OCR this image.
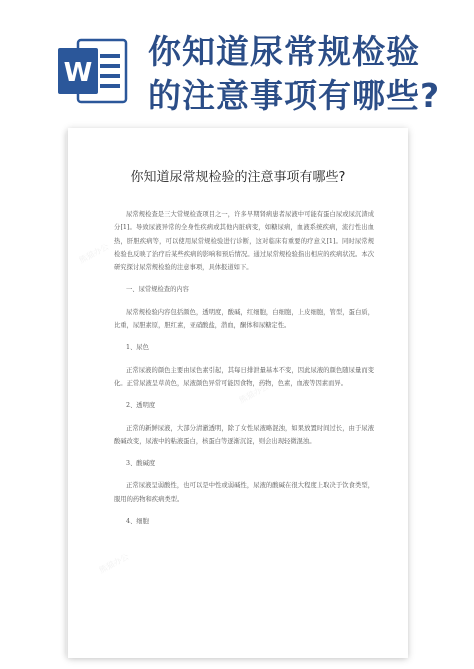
W
你知道尿常规检验
的注意事项有哪些?
熊猫办公
熊猫办公
熊猫办公
你知道尿常规检验的注意事项有哪些?

尿常规检查是三大常规检查项目之一，许多早期肾病患者尿液中可能有蛋白尿或尿沉渣成分[1]。导致尿液异常的全身性疾病或其他内脏病变，如糖尿病，血液系统疾病，流行性出血热，肝胆疾病等，可以使用尿常规检验进行诊断，这对临床有重要的疗意义[1]。同时尿常规检验也反映了治疗后某些疾病的影响和预后情况。通过尿常规检验指出相应的疾病状况。本次研究探讨尿常规检验的注意事项，具体报道如下。

一、尿常规检查的内容

尿常规检验内容包括颜色，透明度，酸碱，红细胞，白细胞，上皮细胞，管型，蛋白质，比重，尿胆素原，胆红素，亚硝酸盐，潜血，酮体和尿糖定性。

1、尿色

正常尿液的颜色主要由尿色素引起，其每日排泄量基本不变，因此尿液的颜色随尿量而变化。正常尿液呈草黄色，尿液颜色异常可能因食物，药物，色素，血液等因素而异。

2、透明度

正常的新鲜尿液，大部分清澈透明，除了女性尿液略混浊，如果放置时间过长，由于尿液酸碱改变，尿液中的粘液蛋白，核蛋白等逐渐沉淀，则会出现轻微混浊。

3、酸碱度

正常尿液呈弱酸性，也可以是中性或弱碱性，尿液的酸碱在很大程度上取决于饮食类型，服用的药物和疾病类型。

4、细胞
